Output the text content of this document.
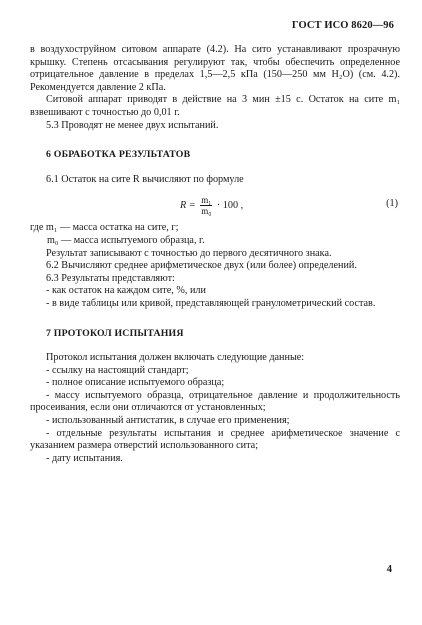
ГОСТ ИСО 8620—96

в воздухоструйном ситовом аппарате (4.2). На сито устанавливают прозрачную крышку. Степень отсасывания регулируют так, чтобы обеспечить определенное отрицательное давление в пределах 1,5—2,5 кПа (150—250 мм H₂O) (см. 4.2). Рекомендуется давление 2 кПа.

Ситовой аппарат приводят в действие на 3 мин ±15 с. Остаток на сите m₁ взвешивают с точностью до 0,01 г.

5.3 Проводят не менее двух испытаний.

6 ОБРАБОТКА РЕЗУЛЬТАТОВ

6.1 Остаток на сите R вычисляют по формуле

$R = \frac{\text{m₁}}{\text{m₀}} \cdot 100$ ,	(1)

где m₁ — масса остатка на сите, г;

m₀ — масса испытуемого образца, г.

Результат записывают с точностью до первого десятичного знака.

6.2 Вычисляют среднее арифметическое двух (или более) определений.

6.3 Результаты представляют:

- как остаток на каждом сите, %, или

- в виде таблицы или кривой, представляющей гранулометрический состав.

7 ПРОТОКОЛ ИСПЫТАНИЯ

Протокол испытания должен включать следующие данные:

- ссылку на настоящий стандарт;

- полное описание испытуемого образца;

- массу испытуемого образца, отрицательное давление и продолжительность просеивания, если они отличаются от установленных;

- использованный антистатик, в случае его применения;

- отдельные результаты испытания и среднее арифметическое значение с указанием размера отверстий использованного сита;

- дату испытания.

4
